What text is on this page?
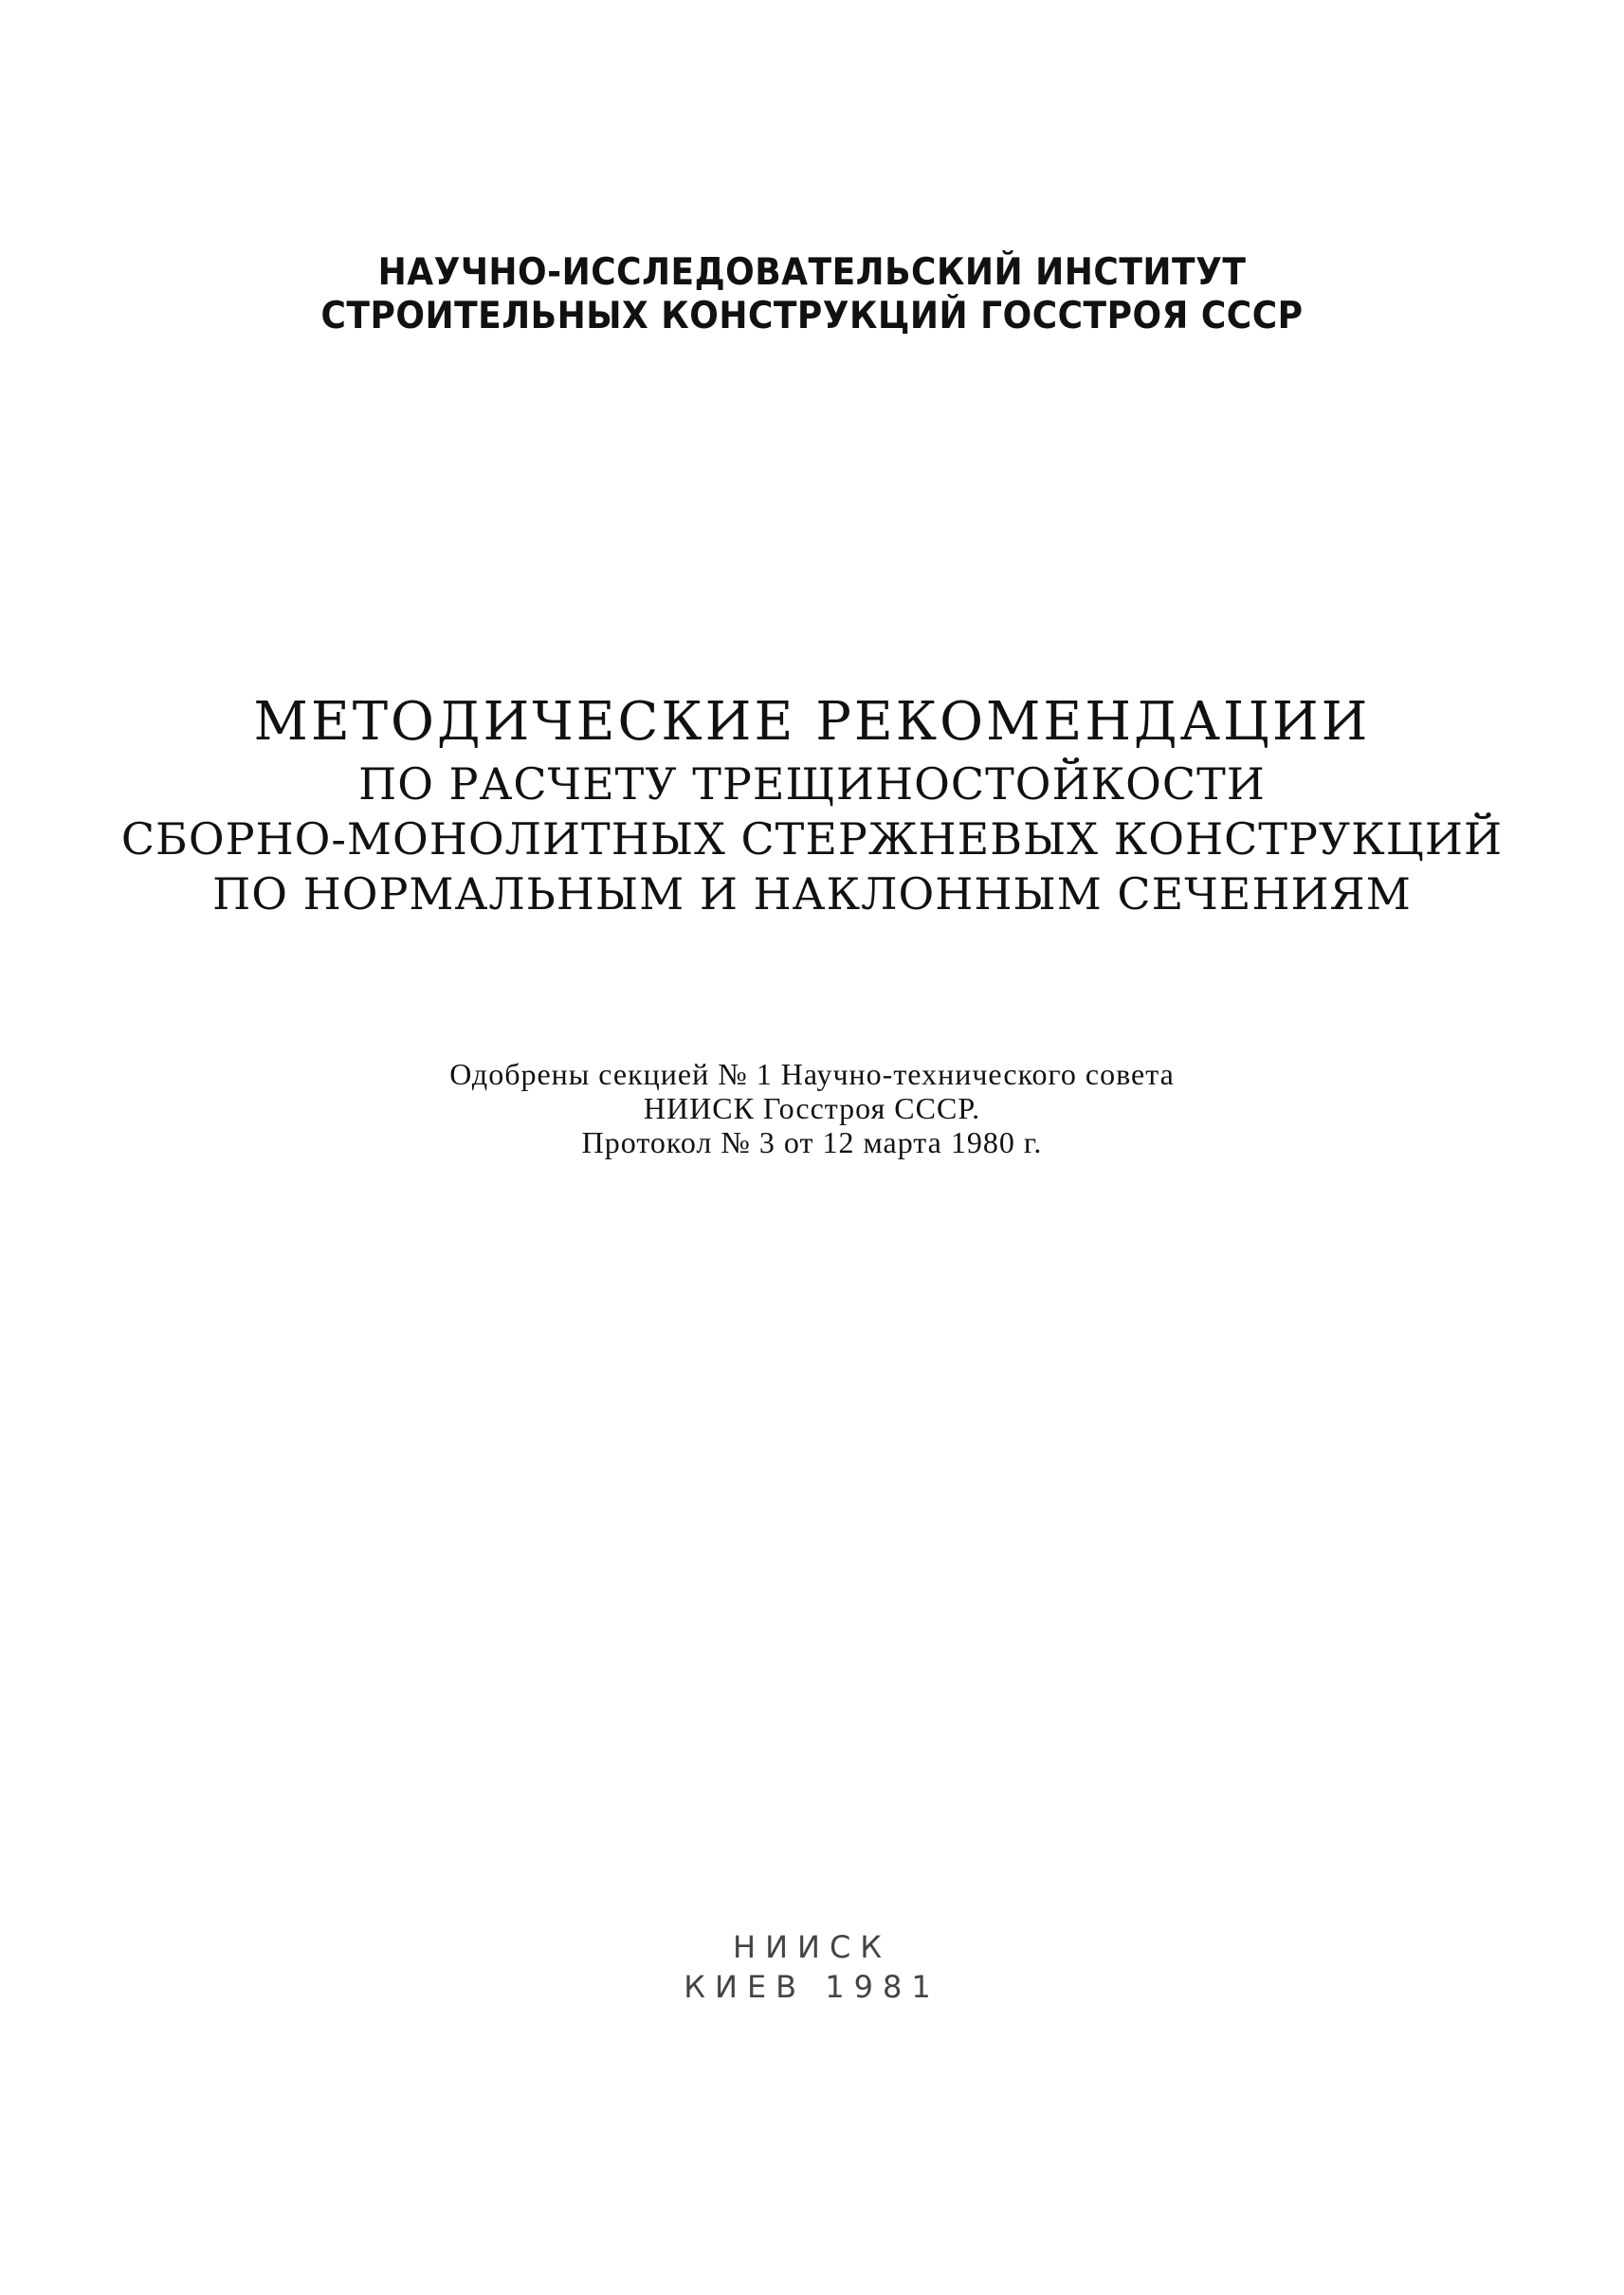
НАУЧНО-ИССЛЕДОВАТЕЛЬСКИЙ ИНСТИТУТ
СТРОИТЕЛЬНЫХ КОНСТРУКЦИЙ ГОССТРОЯ СССР
МЕТОДИЧЕСКИЕ РЕКОМЕНДАЦИИ
ПО РАСЧЕТУ ТРЕЩИНОСТОЙКОСТИ
СБОРНО-МОНОЛИТНЫХ СТЕРЖНЕВЫХ КОНСТРУКЦИЙ
ПО НОРМАЛЬНЫМ И НАКЛОННЫМ СЕЧЕНИЯМ
Одобрены секцией № 1 Научно-технического совета
НИИСК Госстроя СССР.
Протокол № 3 от 12 марта 1980 г.
НИИСК
КИЕВ 1981
